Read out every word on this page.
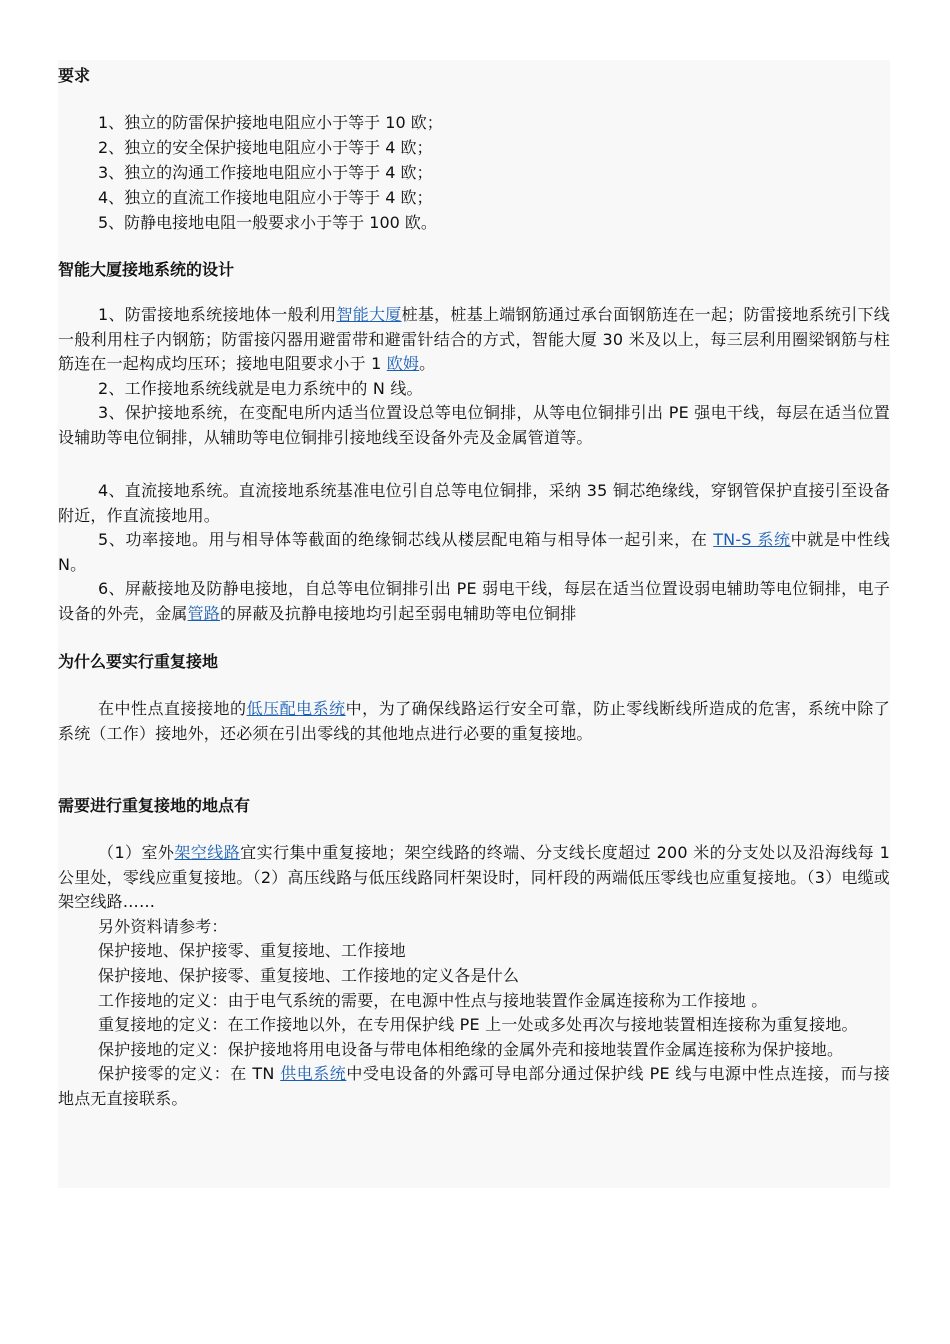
要求

1、独立的防雷保护接地电阻应小于等于 10 欧；

2、独立的安全保护接地电阻应小于等于 4 欧；

3、独立的沟通工作接地电阻应小于等于 4 欧；

4、独立的直流工作接地电阻应小于等于 4 欧；

5、防静电接地电阻一般要求小于等于 100 欧。

智能大厦接地系统的设计

1、防雷接地系统接地体一般利用智能大厦桩基，桩基上端钢筋通过承台面钢筋连在一起；防雷接地系统引下线一般利用柱子内钢筋；防雷接闪器用避雷带和避雷针结合的方式，智能大厦 30 米及以上，每三层利用圈梁钢筋与柱筋连在一起构成均压环；接地电阻要求小于 1 欧姆。

2、工作接地系统线就是电力系统中的 N 线。

3、保护接地系统，在变配电所内适当位置设总等电位铜排，从等电位铜排引出 PE 强电干线，每层在适当位置设辅助等电位铜排，从辅助等电位铜排引接地线至设备外壳及金属管道等。

4、直流接地系统。直流接地系统基准电位引自总等电位铜排，采纳 35 铜芯绝缘线，穿钢管保护直接引至设备附近，作直流接地用。

5、功率接地。用与相导体等截面的绝缘铜芯线从楼层配电箱与相导体一起引来，在 TN-S 系统中就是中性线 N。

6、屏蔽接地及防静电接地，自总等电位铜排引出 PE 弱电干线，每层在适当位置设弱电辅助等电位铜排，电子设备的外壳，金属管路的屏蔽及抗静电接地均引起至弱电辅助等电位铜排

为什么要实行重复接地

在中性点直接接地的低压配电系统中，为了确保线路运行安全可靠，防止零线断线所造成的危害，系统中除了系统（工作）接地外，还必须在引出零线的其他地点进行必要的重复接地。

需要进行重复接地的地点有

（1）室外架空线路宜实行集中重复接地；架空线路的终端、分支线长度超过 200 米的分支处以及沿海线每 1 公里处，零线应重复接地。（2）高压线路与低压线路同杆架设时，同杆段的两端低压零线也应重复接地。（3）电缆或架空线路……

另外资料请参考：

保护接地、保护接零、重复接地、工作接地

保护接地、保护接零、重复接地、工作接地的定义各是什么

工作接地的定义：由于电气系统的需要，在电源中性点与接地装置作金属连接称为工作接地 。

重复接地的定义：在工作接地以外，在专用保护线 PE 上一处或多处再次与接地装置相连接称为重复接地。

保护接地的定义：保护接地将用电设备与带电体相绝缘的金属外壳和接地装置作金属连接称为保护接地。

保护接零的定义：在 TN 供电系统中受电设备的外露可导电部分通过保护线 PE 线与电源中性点连接，而与接地点无直接联系。
